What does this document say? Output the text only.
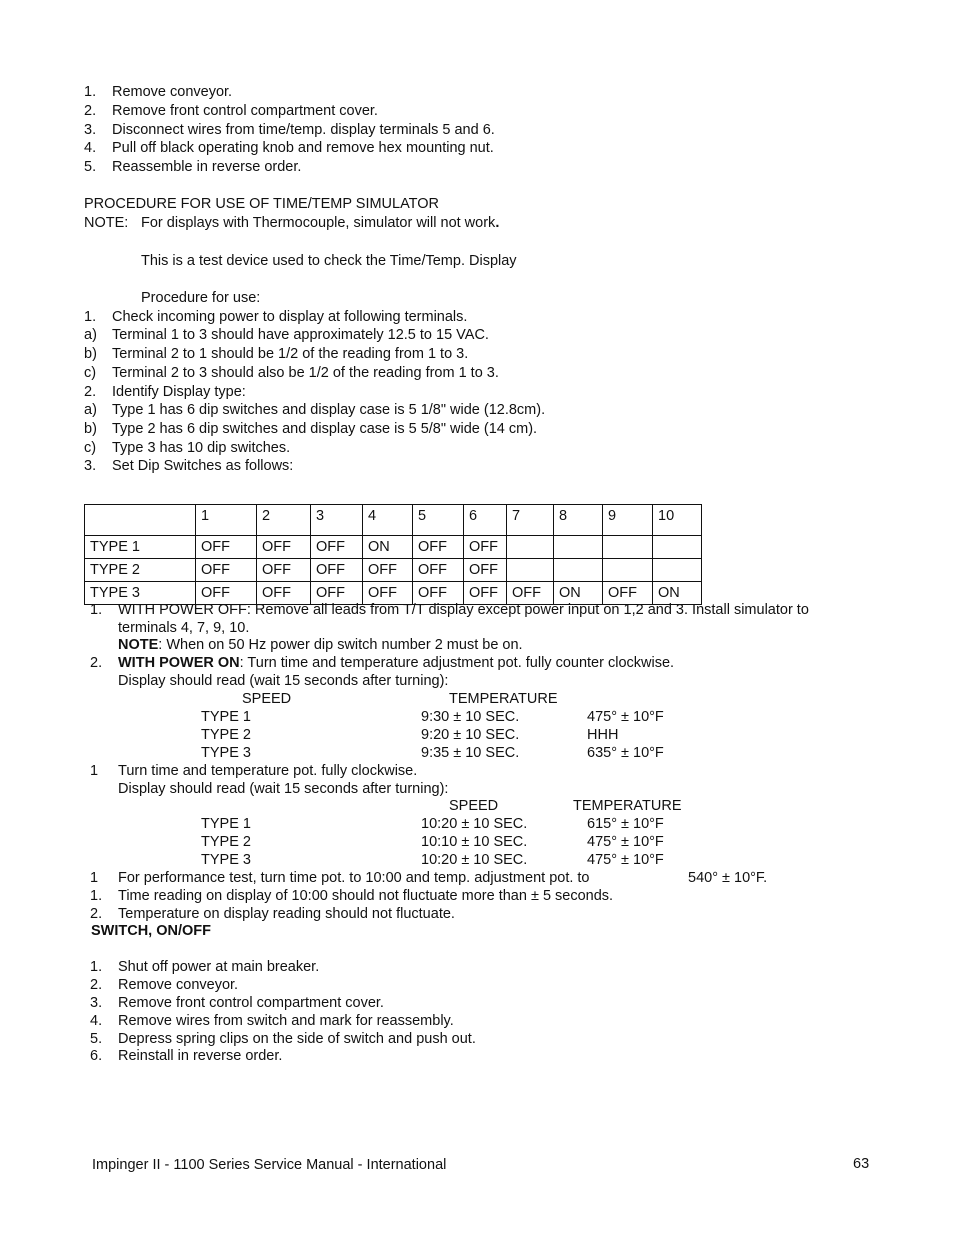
1. Remove conveyor.
2. Remove front control compartment cover.
3. Disconnect wires from time/temp. display terminals 5 and 6.
4. Pull off black operating knob and remove hex mounting nut.
5. Reassemble in reverse order.
PROCEDURE FOR USE OF TIME/TEMP SIMULATOR
NOTE: For displays with Thermocouple, simulator will not work.
This is a test device used to check the Time/Temp. Display
Procedure for use:
1. Check incoming power to display at following terminals.
a) Terminal 1 to 3 should have approximately 12.5 to 15 VAC.
b) Terminal 2 to 1 should be 1/2 of the reading from 1 to 3.
c) Terminal 2 to 3 should also be 1/2 of the reading from 1 to 3.
2. Identify Display type:
a) Type 1 has 6 dip switches and display case is 5 1/8" wide (12.8cm).
b) Type 2 has 6 dip switches and display case is 5 5/8" wide (14 cm).
c) Type 3 has 10 dip switches.
3. Set Dip Switches as follows:
	1	2	3	4	5	6	7	8	9	10
TYPE 1	OFF	OFF	OFF	ON	OFF	OFF				
TYPE 2	OFF	OFF	OFF	OFF	OFF	OFF				
TYPE 3	OFF	OFF	OFF	OFF	OFF	OFF	OFF	ON	OFF	ON
1. WITH POWER OFF: Remove all leads from T/T display except power input on 1,2 and 3. Install simulator to
terminals 4, 7, 9, 10.
NOTE: When on 50 Hz power dip switch number 2 must be on.
2. WITH POWER ON: Turn time and temperature adjustment pot. fully counter clockwise.
Display should read (wait 15 seconds after turning):
SPEED	TEMPERATURE
TYPE 1	9:30 ± 10 SEC.	475° ± 10°F
TYPE 2	9:20 ± 10 SEC.	HHH
TYPE 3	9:35 ± 10 SEC.	635° ± 10°F
1 Turn time and temperature pot. fully clockwise.
Display should read (wait 15 seconds after turning):
SPEED	TEMPERATURE
TYPE 1	10:20 ± 10 SEC.	615° ± 10°F
TYPE 2	10:10 ± 10 SEC.	475° ± 10°F
TYPE 3	10:20 ± 10 SEC.	475° ± 10°F
1 For performance test, turn time pot. to 10:00 and temp. adjustment pot. to	540° ± 10°F.
1. Time reading on display of 10:00 should not fluctuate more than ± 5 seconds.
2. Temperature on display reading should not fluctuate.
SWITCH, ON/OFF
1. Shut off power at main breaker.
2. Remove conveyor.
3. Remove front control compartment cover.
4. Remove wires from switch and mark for reassembly.
5. Depress spring clips on the side of switch and push out.
6. Reinstall in reverse order.
Impinger II - 1100 Series Service Manual - International	63
